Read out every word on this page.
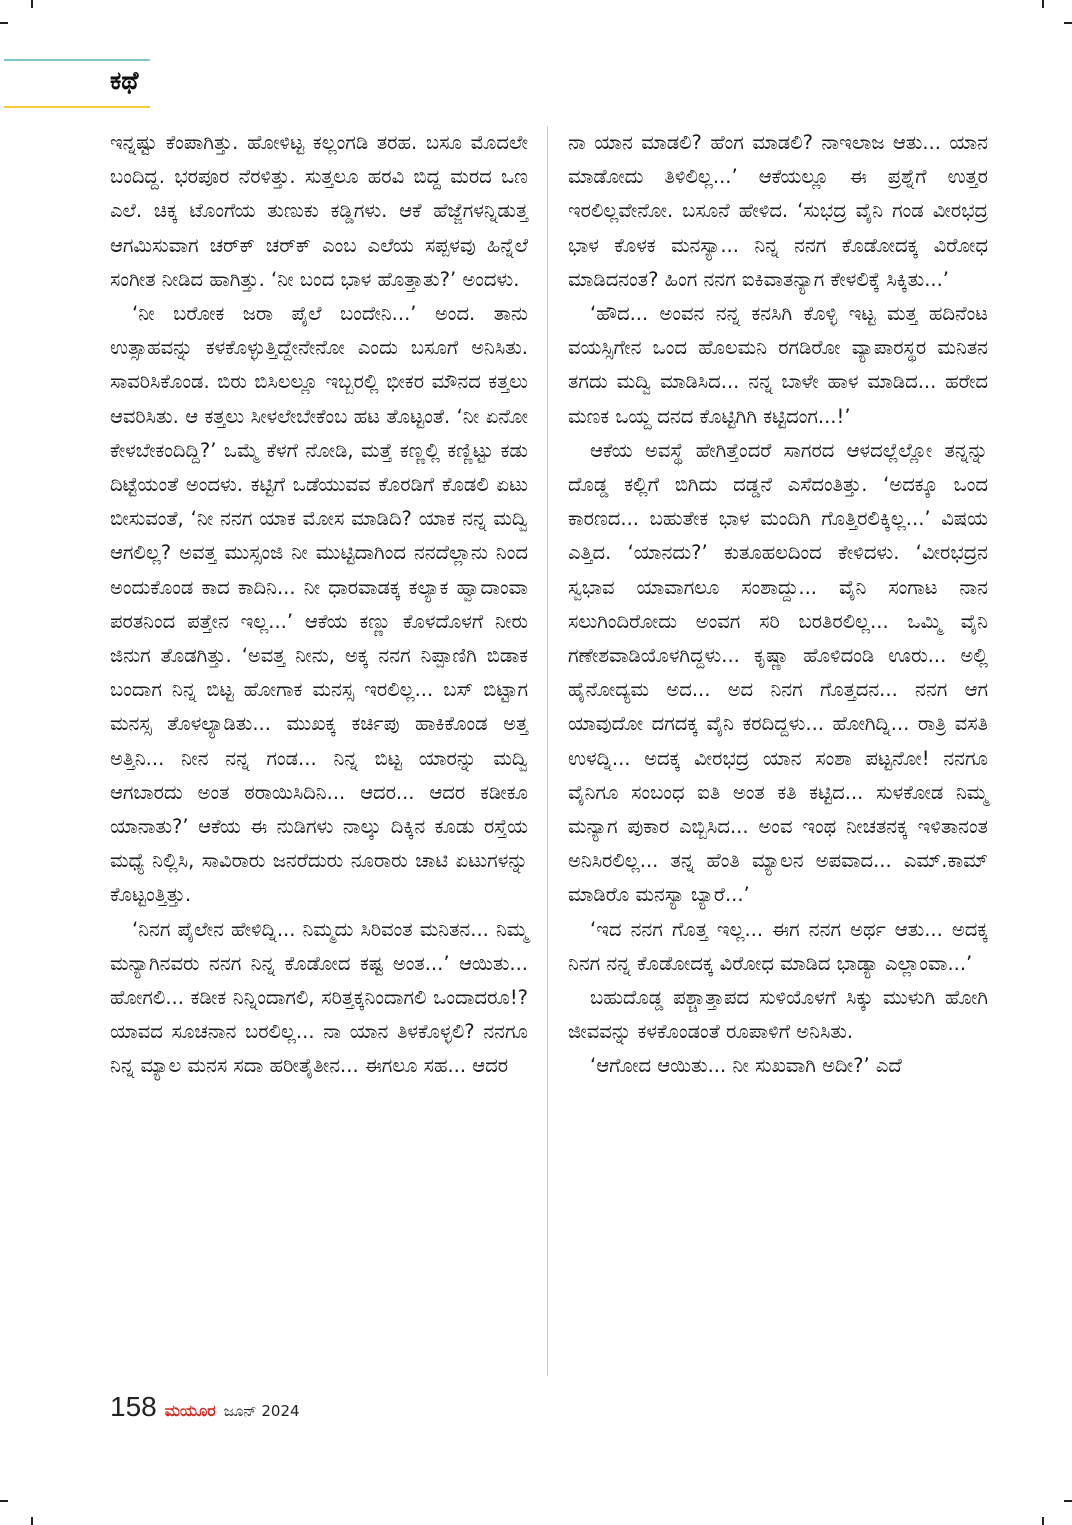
ಕಥೆ

ಇನ್ನಷ್ಟು ಕೆಂಪಾಗಿತ್ತು. ಹೋಳಿಟ್ಟ ಕಲ್ಲಂಗಡಿ ತರಹ. ಬಸೂ ಮೊದಲೇ ಬಂದಿದ್ದ. ಭರಪೂರ ನೆರಳಿತ್ತು. ಸುತ್ತಲೂ ಹರವಿ ಬಿದ್ದ ಮರದ ಒಣ ಎಲೆ. ಚಿಕ್ಕ ಟೊಂಗೆಯ ತುಣುಕು ಕಡ್ಡಿಗಳು. ಆಕೆ ಹೆಜ್ಜೆಗಳನ್ನಿಡುತ್ತ ಆಗಮಿಸುವಾಗ ಚರ್‌ಕ್ ಚರ್‌ಕ್ ಎಂಬ ಎಲೆಯ ಸಪ್ಪಳವು ಹಿನ್ನೆಲೆ ಸಂಗೀತ ನೀಡಿದ ಹಾಗಿತ್ತು. ‘ನೀ ಬಂದ ಭಾಳ ಹೊತ್ತಾತು?’ ಅಂದಳು.

‘ನೀ ಬರೋಕ ಜರಾ ಪೈಲೆ ಬಂದೇನಿ...’ ಅಂದ. ತಾನು ಉತ್ಸಾಹವನ್ನು ಕಳಕೊಳ್ಳುತ್ತಿದ್ದೇನೇನೋ ಎಂದು ಬಸೂಗೆ ಅನಿಸಿತು. ಸಾವರಿಸಿಕೊಂಡ. ಬಿರು ಬಿಸಿಲಲ್ಲೂ ಇಬ್ಬರಲ್ಲಿ ಭೀಕರ ಮೌನದ ಕತ್ತಲು ಆವರಿಸಿತು. ಆ ಕತ್ತಲು ಸೀಳಲೇಬೇಕೆಂಬ ಹಟ ತೊಟ್ಟಂತೆ. ‘ನೀ ಏನೋ ಕೇಳಬೇಕಂದಿದ್ದಿ?’ ಒಮ್ಮೆ ಕೆಳಗೆ ನೋಡಿ, ಮತ್ತೆ ಕಣ್ಣಲ್ಲಿ ಕಣ್ಣಿಟ್ಟು ಕಡು ದಿಟ್ಟೆಯಂತೆ ಅಂದಳು. ಕಟ್ಟಿಗೆ ಒಡೆಯುವವ ಕೊರಡಿಗೆ ಕೊಡಲಿ ಏಟು ಬೀಸುವಂತೆ, ‘ನೀ ನನಗ ಯಾಕ ಮೋಸ ಮಾಡಿದಿ? ಯಾಕ ನನ್ನ ಮದ್ವಿ ಆಗಲಿಲ್ಲ? ಅವತ್ತ ಮುಸ್ಸಂಜಿ ನೀ ಮುಟ್ಟಿದಾಗಿಂದ ನನದೆಲ್ಲಾನು ನಿಂದ ಅಂದುಕೊಂಡ ಕಾದ ಕಾದಿನಿ... ನೀ ಧಾರವಾಡಕ್ಕ ಕಲ್ಯಾಕ ಹ್ವಾದಾಂವಾ ಪರತನಿಂದ ಪತ್ತೇನ ಇಲ್ಲ...’ ಆಕೆಯ ಕಣ್ಣು ಕೊಳದೊಳಗೆ ನೀರು ಜಿನುಗ ತೊಡಗಿತ್ತು. ‘ಅವತ್ತ ನೀನು, ಅಕ್ಕ ನನಗ ನಿಪ್ಪಾಣಿಗಿ ಬಿಡಾಕ ಬಂದಾಗ ನಿನ್ನ ಬಿಟ್ಟ ಹೋಗಾಕ ಮನಸ್ಸ ಇರಲಿಲ್ಲ... ಬಸ್ ಬಿಟ್ಟಾಗ ಮನಸ್ಸ ತೊಳಲ್ಯಾಡಿತು... ಮುಖಕ್ಕ ಕರ್ಚಿಪು ಹಾಕಿಕೊಂಡ ಅತ್ತ ಅತ್ತಿನಿ... ನೀನ ನನ್ನ ಗಂಡ... ನಿನ್ನ ಬಿಟ್ಟ ಯಾರನ್ನು ಮದ್ವಿ ಆಗಬಾರದು ಅಂತ ಠರಾಯಿಸಿದಿನಿ... ಆದರ... ಆದರ ಕಡೀಕೂ ಯಾನಾತು?’ ಆಕೆಯ ಈ ನುಡಿಗಳು ನಾಲ್ಕು ದಿಕ್ಕಿನ ಕೂಡು ರಸ್ತೆಯ ಮಧ್ಯೆ ನಿಲ್ಲಿಸಿ, ಸಾವಿರಾರು ಜನರೆದುರು ನೂರಾರು ಚಾಟಿ ಏಟುಗಳನ್ನು ಕೊಟ್ಟಂತ್ತಿತ್ತು.

‘ನಿನಗ ಪೈಲೇನ ಹೇಳಿದ್ನಿ... ನಿಮ್ಮದು ಸಿರಿವಂತ ಮನಿತನ... ನಿಮ್ಮ ಮನ್ಯಾಗಿನವರು ನನಗ ನಿನ್ನ ಕೊಡೋದ ಕಷ್ಟ ಅಂತ...’ ಆಯಿತು... ಹೋಗಲಿ... ಕಡೀಕ ನಿನ್ನಿಂದಾಗಲಿ, ಸರಿತ್ತಕ್ಕನಿಂದಾಗಲಿ ಒಂದಾದರೂ!? ಯಾವದ ಸೂಚನಾನ ಬರಲಿಲ್ಲ... ನಾ ಯಾನ ತಿಳಕೊಳ್ಳಲಿ? ನನಗೂ ನಿನ್ನ ಮ್ಯಾಲ ಮನಸ ಸದಾ ಹರೀತೈತೀನ... ಈಗಲೂ ಸಹ... ಆದರ

ನಾ ಯಾನ ಮಾಡಲಿ? ಹೆಂಗ ಮಾಡಲಿ? ನಾಇಲಾಜ ಆತು... ಯಾನ ಮಾಡೋದು ತಿಳಿಲಿಲ್ಲ...’ ಆಕೆಯಲ್ಲೂ ಈ ಪ್ರಶ್ನೆಗೆ ಉತ್ತರ ಇರಲಿಲ್ಲವೇನೋ. ಬಸೂನೆ ಹೇಳಿದ. ‘ಸುಭದ್ರ ವೈನಿ ಗಂಡ ವೀರಭದ್ರ ಭಾಳ ಕೊಳಕ ಮನಸ್ಯಾ... ನಿನ್ನ ನನಗ ಕೊಡೋದಕ್ಕ ವಿರೋಧ ಮಾಡಿದನಂತ? ಹಿಂಗ ನನಗ ಐಕಿವಾತನ್ಯಾಗ ಕೇಳಲಿಕ್ಕೆ ಸಿಕ್ಕಿತು...’

‘ಹೌದ... ಅಂವನ ನನ್ನ ಕನಸಿಗಿ ಕೊಳ್ಳಿ ಇಟ್ಟ ಮತ್ತ ಹದಿನೆಂಟ ವಯಸ್ಸಿಗೇನ ಒಂದ ಹೊಲಮನಿ ರಗಡಿರೋ ವ್ಯಾಪಾರಸ್ಥರ ಮನಿತನ ತಗದು ಮದ್ವಿ ಮಾಡಿಸಿದ... ನನ್ನ ಬಾಳೇ ಹಾಳ ಮಾಡಿದ... ಹರೇದ ಮಣಕ ಒಯ್ದ ದನದ ಕೊಟ್ಟಿಗಿಗಿ ಕಟ್ಟಿದಂಗ...!’

ಆಕೆಯ ಅವಸ್ಥೆ ಹೇಗಿತ್ತೆಂದರೆ ಸಾಗರದ ಆಳದಲ್ಲೆಲ್ಲೋ ತನ್ನನ್ನು ದೊಡ್ಡ ಕಲ್ಲಿಗೆ ಬಿಗಿದು ದಡ್ಡನೆ ಎಸೆದಂತಿತ್ತು. ‘ಅದಕ್ಕೂ ಒಂದ ಕಾರಣದ... ಬಹುತೇಕ ಭಾಳ ಮಂದಿಗಿ ಗೊತ್ತಿರಲಿಕ್ಕಿಲ್ಲ...’ ವಿಷಯ ಎತ್ತಿದ. ‘ಯಾನದು?’ ಕುತೂಹಲದಿಂದ ಕೇಳಿದಳು. ‘ವೀರಭದ್ರನ ಸ್ವಭಾವ ಯಾವಾಗಲೂ ಸಂಶಾದ್ದು... ವೈನಿ ಸಂಗಾಟ ನಾನ ಸಲುಗಿಂದಿರೋದು ಅಂವಗ ಸರಿ ಬರತಿರಲಿಲ್ಲ... ಒಮ್ಮಿ ವೈನಿ ಗಣೇಶವಾಡಿಯೊಳಗಿದ್ದಳು... ಕೃಷ್ಣಾ ಹೊಳಿದಂಡಿ ಊರು... ಅಲ್ಲಿ ಹೈನೋದ್ಯಮ ಅದ... ಅದ ನಿನಗ ಗೊತ್ತದನ... ನನಗ ಆಗ ಯಾವುದೋ ದಗದಕ್ಕ ವೈನಿ ಕರದಿದ್ದಳು... ಹೋಗಿದ್ನಿ... ರಾತ್ರಿ ವಸತಿ ಉಳದ್ನಿ... ಅದಕ್ಕ ವೀರಭದ್ರ ಯಾನ ಸಂಶಾ ಪಟ್ಟನೋ! ನನಗೂ ವೈನಿಗೂ ಸಂಬಂಧ ಐತಿ ಅಂತ ಕತಿ ಕಟ್ಟಿದ... ಸುಳಕೋಡ ನಿಮ್ಮ ಮನ್ಯಾಗ ಪುಕಾರ ಎಬ್ಬಿಸಿದ... ಅಂವ ಇಂಥ ನೀಚತನಕ್ಕ ಇಳಿತಾನಂತ ಅನಿಸಿರಲಿಲ್ಲ... ತನ್ನ ಹೆಂತಿ ಮ್ಯಾಲನ ಅಪವಾದ... ಎಮ್.ಕಾಮ್ ಮಾಡಿರೊ ಮನಸ್ಯಾ ಬ್ಯಾರೆ...’

‘ಇದ ನನಗ ಗೊತ್ತ ಇಲ್ಲ... ಈಗ ನನಗ ಅರ್ಥ ಆತು... ಅದಕ್ಕ ನಿನಗ ನನ್ನ ಕೊಡೋದಕ್ಕ ವಿರೋಧ ಮಾಡಿದ ಭಾಡ್ಯಾ ಎಲ್ಲಾಂವಾ...’

ಬಹುದೊಡ್ಡ ಪಶ್ಚಾತ್ತಾಪದ ಸುಳಿಯೊಳಗೆ ಸಿಕ್ಕು ಮುಳುಗಿ ಹೋಗಿ ಜೀವವನ್ನು ಕಳಕೊಂಡಂತೆ ರೂಪಾಳಿಗೆ ಅನಿಸಿತು.

‘ಆಗೋದ ಆಯಿತು... ನೀ ಸುಖವಾಗಿ ಅದೀ?’ ಎದೆ

158 ಮಯೂರ ಜೂನ್ 2024
